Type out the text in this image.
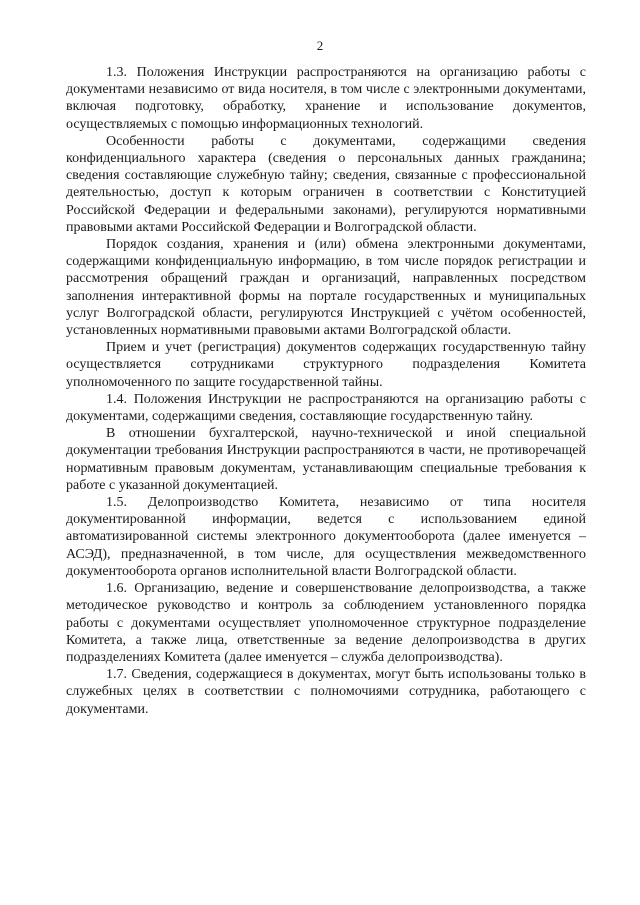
2

1.3. Положения Инструкции распространяются на организацию работы с документами независимо от вида носителя, в том числе с электронными документами, включая подготовку, обработку, хранение и использование документов, осуществляемых с помощью информационных технологий.

Особенности работы с документами, содержащими сведения конфиденциального характера (сведения о персональных данных гражданина; сведения составляющие служебную тайну; сведения, связанные с профессиональной деятельностью, доступ к которым ограничен в соответствии с Конституцией Российской Федерации и федеральными законами), регулируются нормативными правовыми актами Российской Федерации и Волгоградской области.

Порядок создания, хранения и (или) обмена электронными документами, содержащими конфиденциальную информацию, в том числе порядок регистрации и рассмотрения обращений граждан и организаций, направленных посредством заполнения интерактивной формы на портале государственных и муниципальных услуг Волгоградской области, регулируются Инструкцией с учётом особенностей, установленных нормативными правовыми актами Волгоградской области.

Прием и учет (регистрация) документов содержащих государственную тайну осуществляется сотрудниками структурного подразделения Комитета уполномоченного по защите государственной тайны.

1.4. Положения Инструкции не распространяются на организацию работы с документами, содержащими сведения, составляющие государственную тайну.

В отношении бухгалтерской, научно-технической и иной специальной документации требования Инструкции распространяются в части, не противоречащей нормативным правовым документам, устанавливающим специальные требования к работе с указанной документацией.

1.5. Делопроизводство Комитета, независимо от типа носителя документированной информации, ведется с использованием единой автоматизированной системы электронного документооборота (далее именуется – АСЭД), предназначенной, в том числе, для осуществления межведомственного документооборота органов исполнительной власти Волгоградской области.

1.6. Организацию, ведение и совершенствование делопроизводства, а также методическое руководство и контроль за соблюдением установленного порядка работы с документами осуществляет уполномоченное структурное подразделение Комитета, а также лица, ответственные за ведение делопроизводства в других подразделениях Комитета (далее именуется – служба делопроизводства).

1.7. Сведения, содержащиеся в документах, могут быть использованы только в служебных целях в соответствии с полномочиями сотрудника, работающего с документами.
